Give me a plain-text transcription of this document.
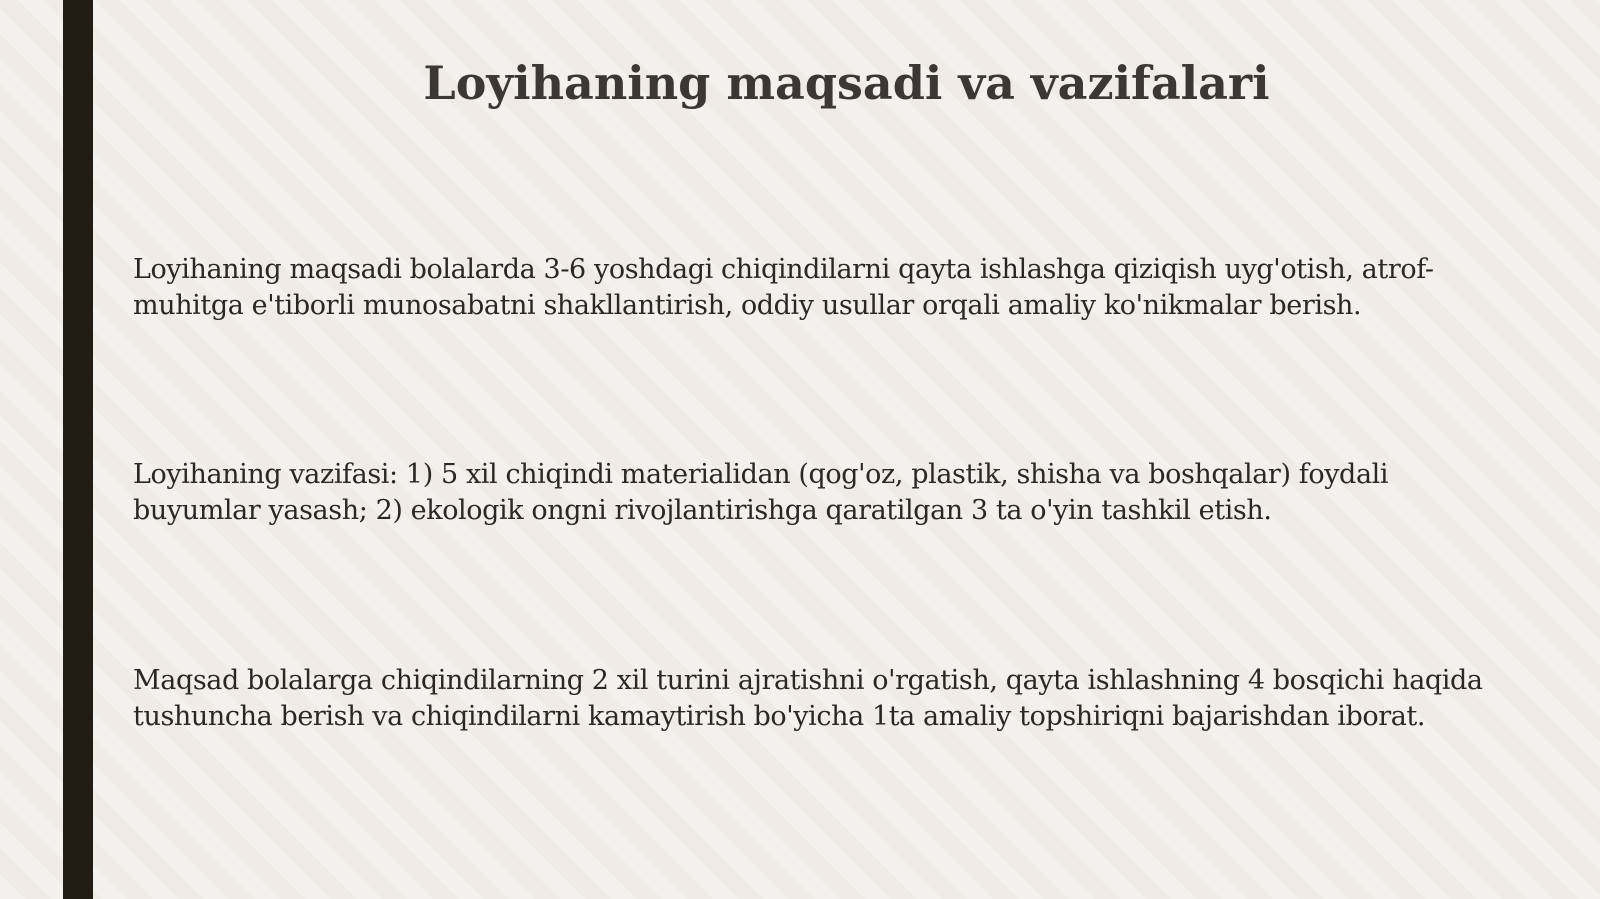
Loyihaning maqsadi va vazifalari

Loyihaning maqsadi bolalarda 3-6 yoshdagi chiqindilarni qayta ishlashga qiziqish uyg'otish, atrof-muhitga e'tiborli munosabatni shakllantirish, oddiy usullar orqali amaliy ko'nikmalar berish.

Loyihaning vazifasi: 1) 5 xil chiqindi materialidan (qog'oz, plastik, shisha va boshqalar) foydali buyumlar yasash; 2) ekologik ongni rivojlantirishga qaratilgan 3 ta o'yin tashkil etish.

Maqsad bolalarga chiqindilarning 2 xil turini ajratishni o'rgatish, qayta ishlashning 4 bosqichi haqida tushuncha berish va chiqindilarni kamaytirish bo'yicha 1ta amaliy topshiriqni bajarishdan iborat.
